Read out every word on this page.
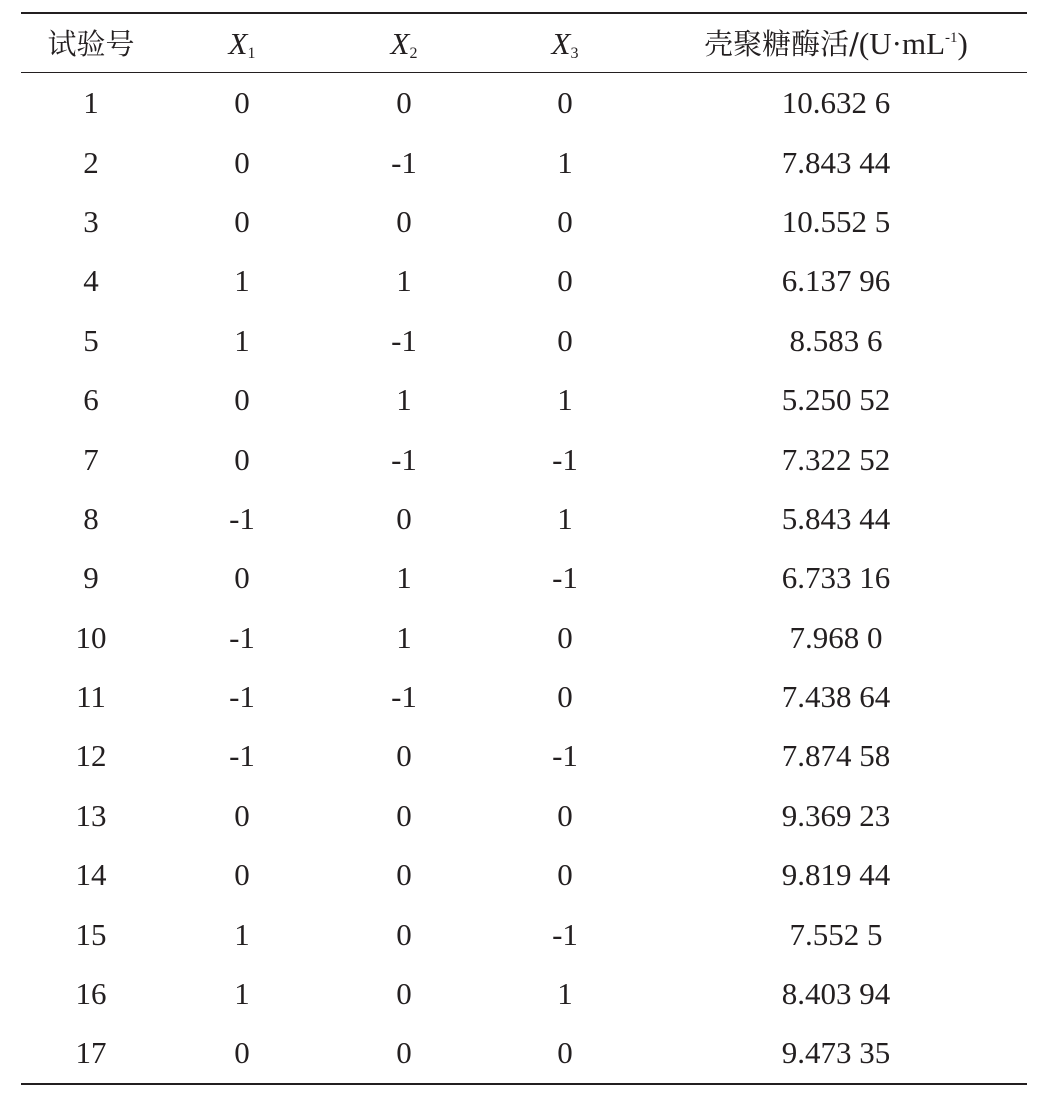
试验号	$X_1$	$X_2$	$X_3$	壳聚糖酶活$/(U\cdot mL^{-1})$
1	0	0	0	10.632 6
2	0	-1	1	7.843 44
3	0	0	0	10.552 5
4	1	1	0	6.137 96
5	1	-1	0	8.583 6
6	0	1	1	5.250 52
7	0	-1	-1	7.322 52
8	-1	0	1	5.843 44
9	0	1	-1	6.733 16
10	-1	1	0	7.968 0
11	-1	-1	0	7.438 64
12	-1	0	-1	7.874 58
13	0	0	0	9.369 23
14	0	0	0	9.819 44
15	1	0	-1	7.552 5
16	1	0	1	8.403 94
17	0	0	0	9.473 35
